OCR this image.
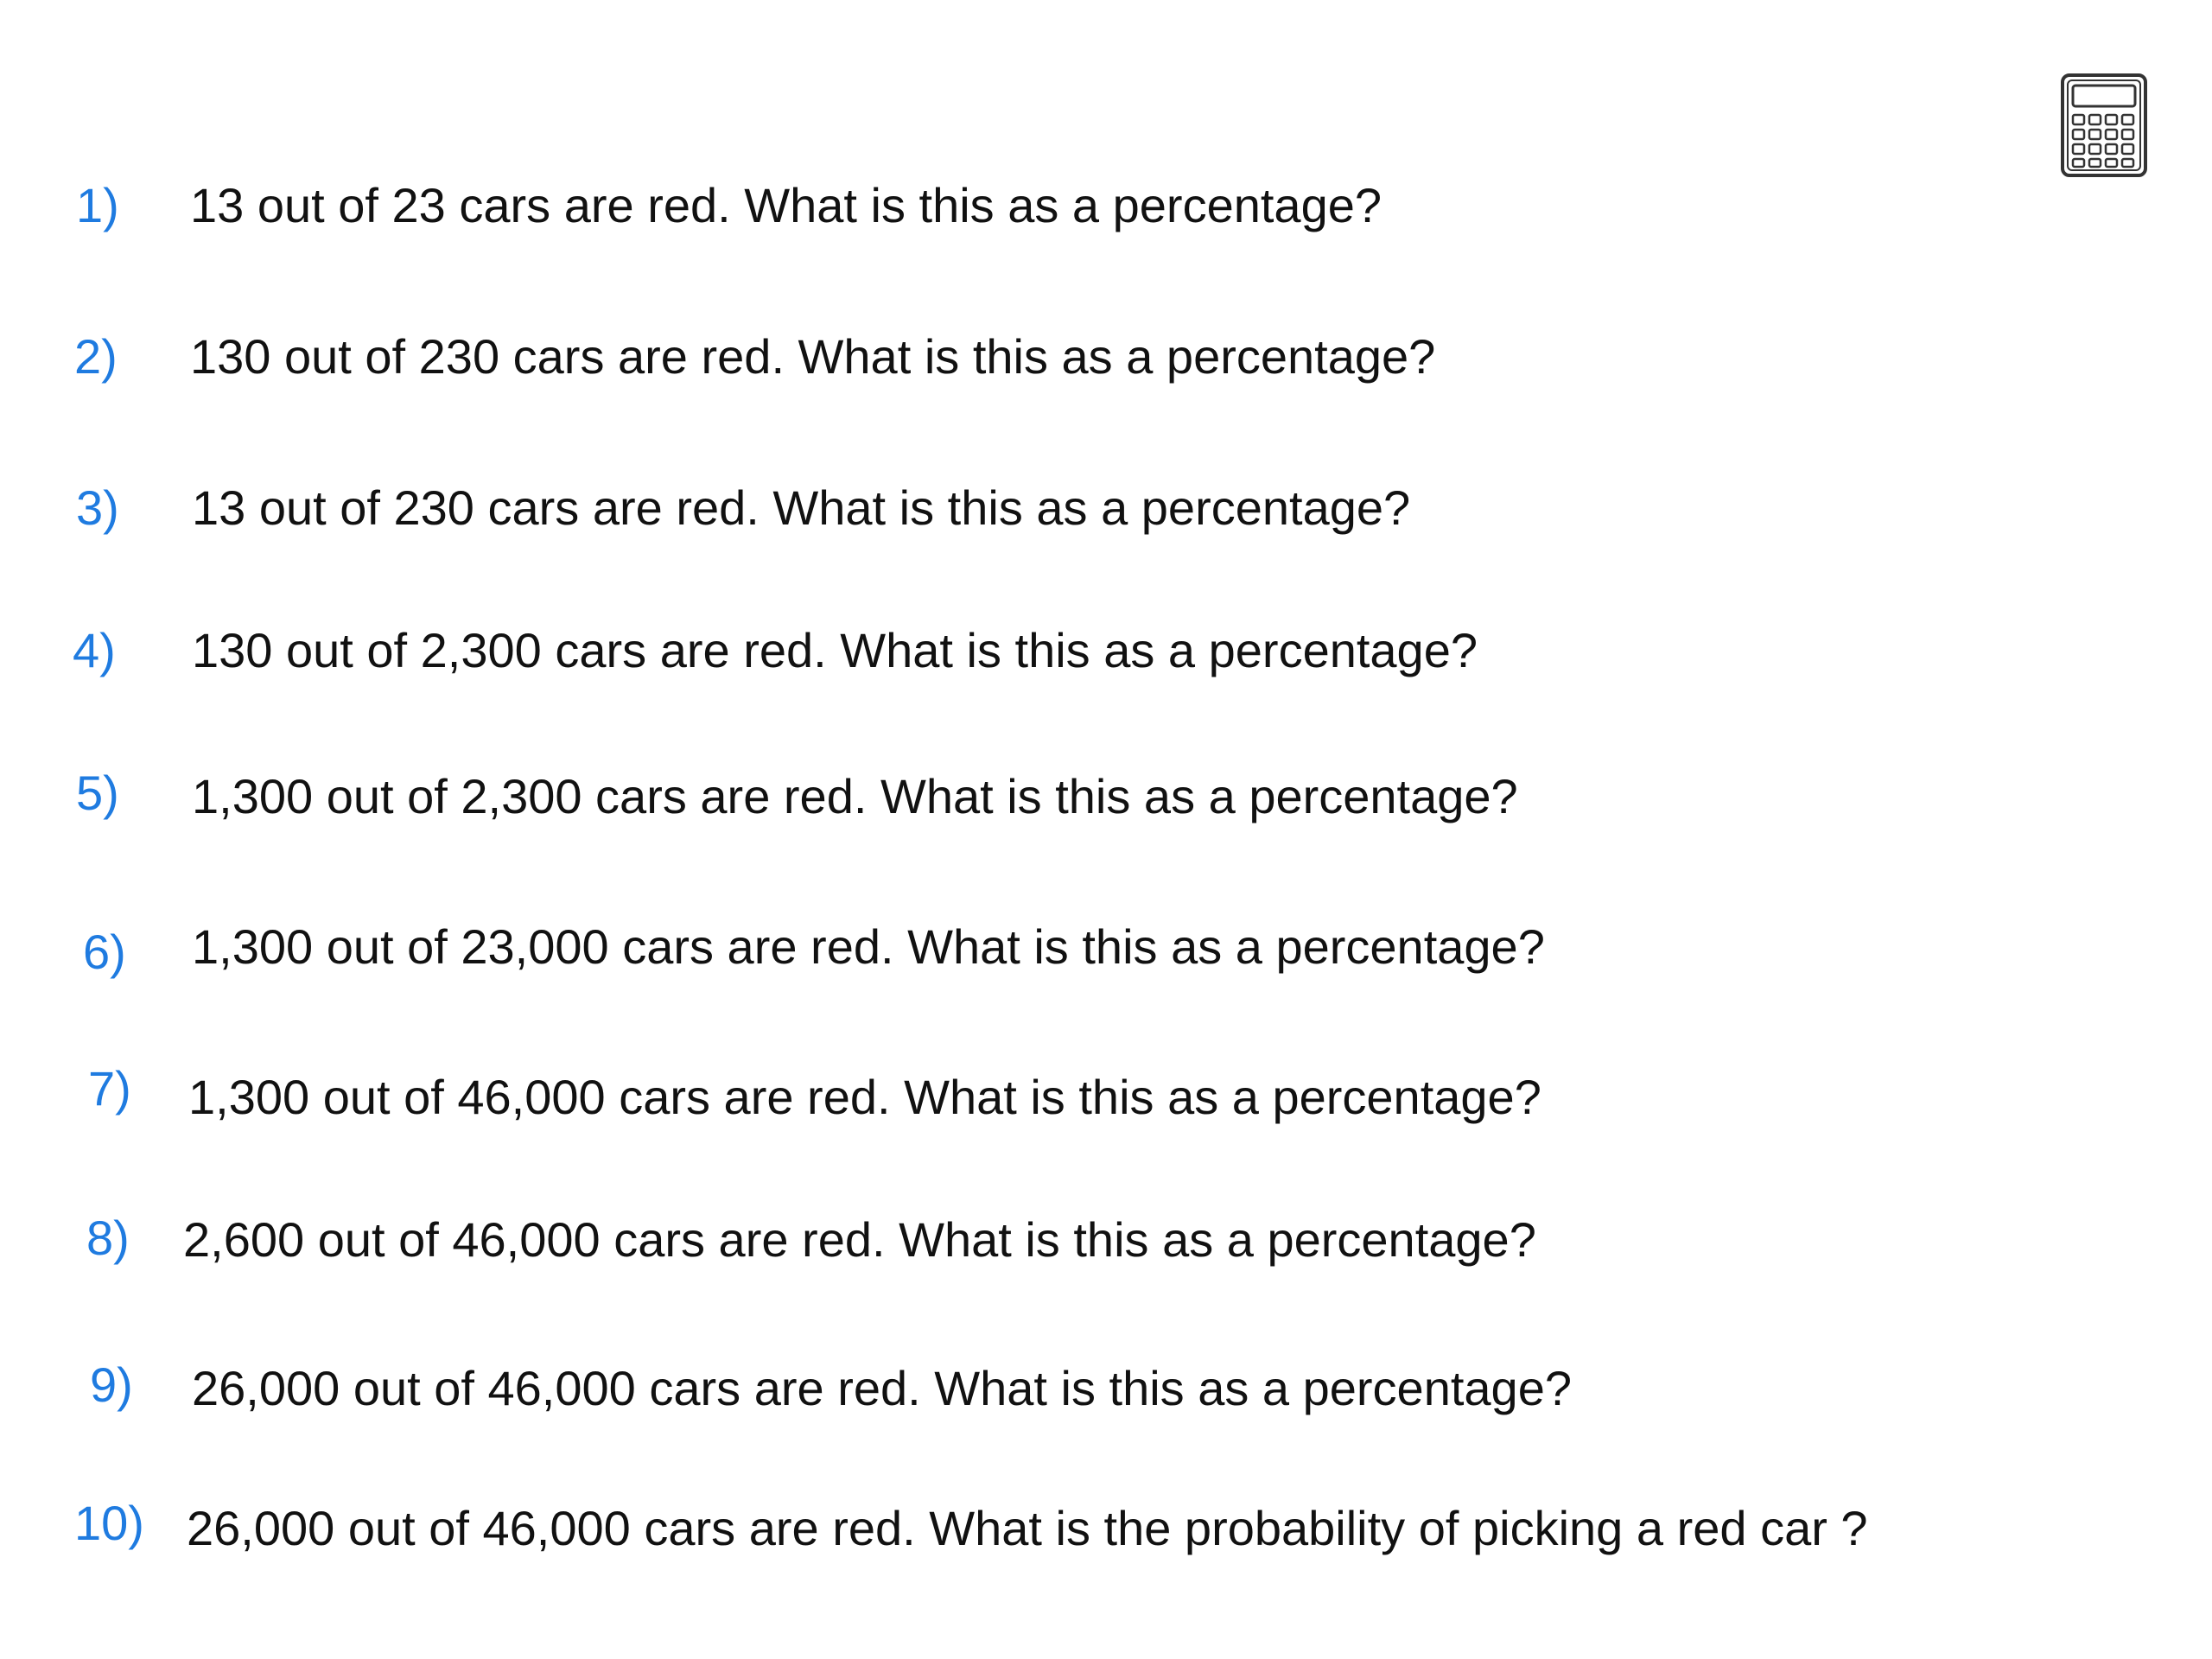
1) 13 out of 23 cars are red. What is this as a percentage?
2) 130 out of 230 cars are red. What is this as a percentage?
3) 13 out of 230 cars are red. What is this as a percentage?
4) 130 out of 2,300 cars are red. What is this as a percentage?
5) 1,300 out of 2,300 cars are red. What is this as a percentage?
6) 1,300 out of 23,000 cars are red. What is this as a percentage?
7) 1,300 out of 46,000 cars are red. What is this as a percentage?
8) 2,600 out of 46,000 cars are red. What is this as a percentage?
9) 26,000 out of 46,000 cars are red. What is this as a percentage?
10) 26,000 out of 46,000 cars are red. What is the probability of picking a red car ?
